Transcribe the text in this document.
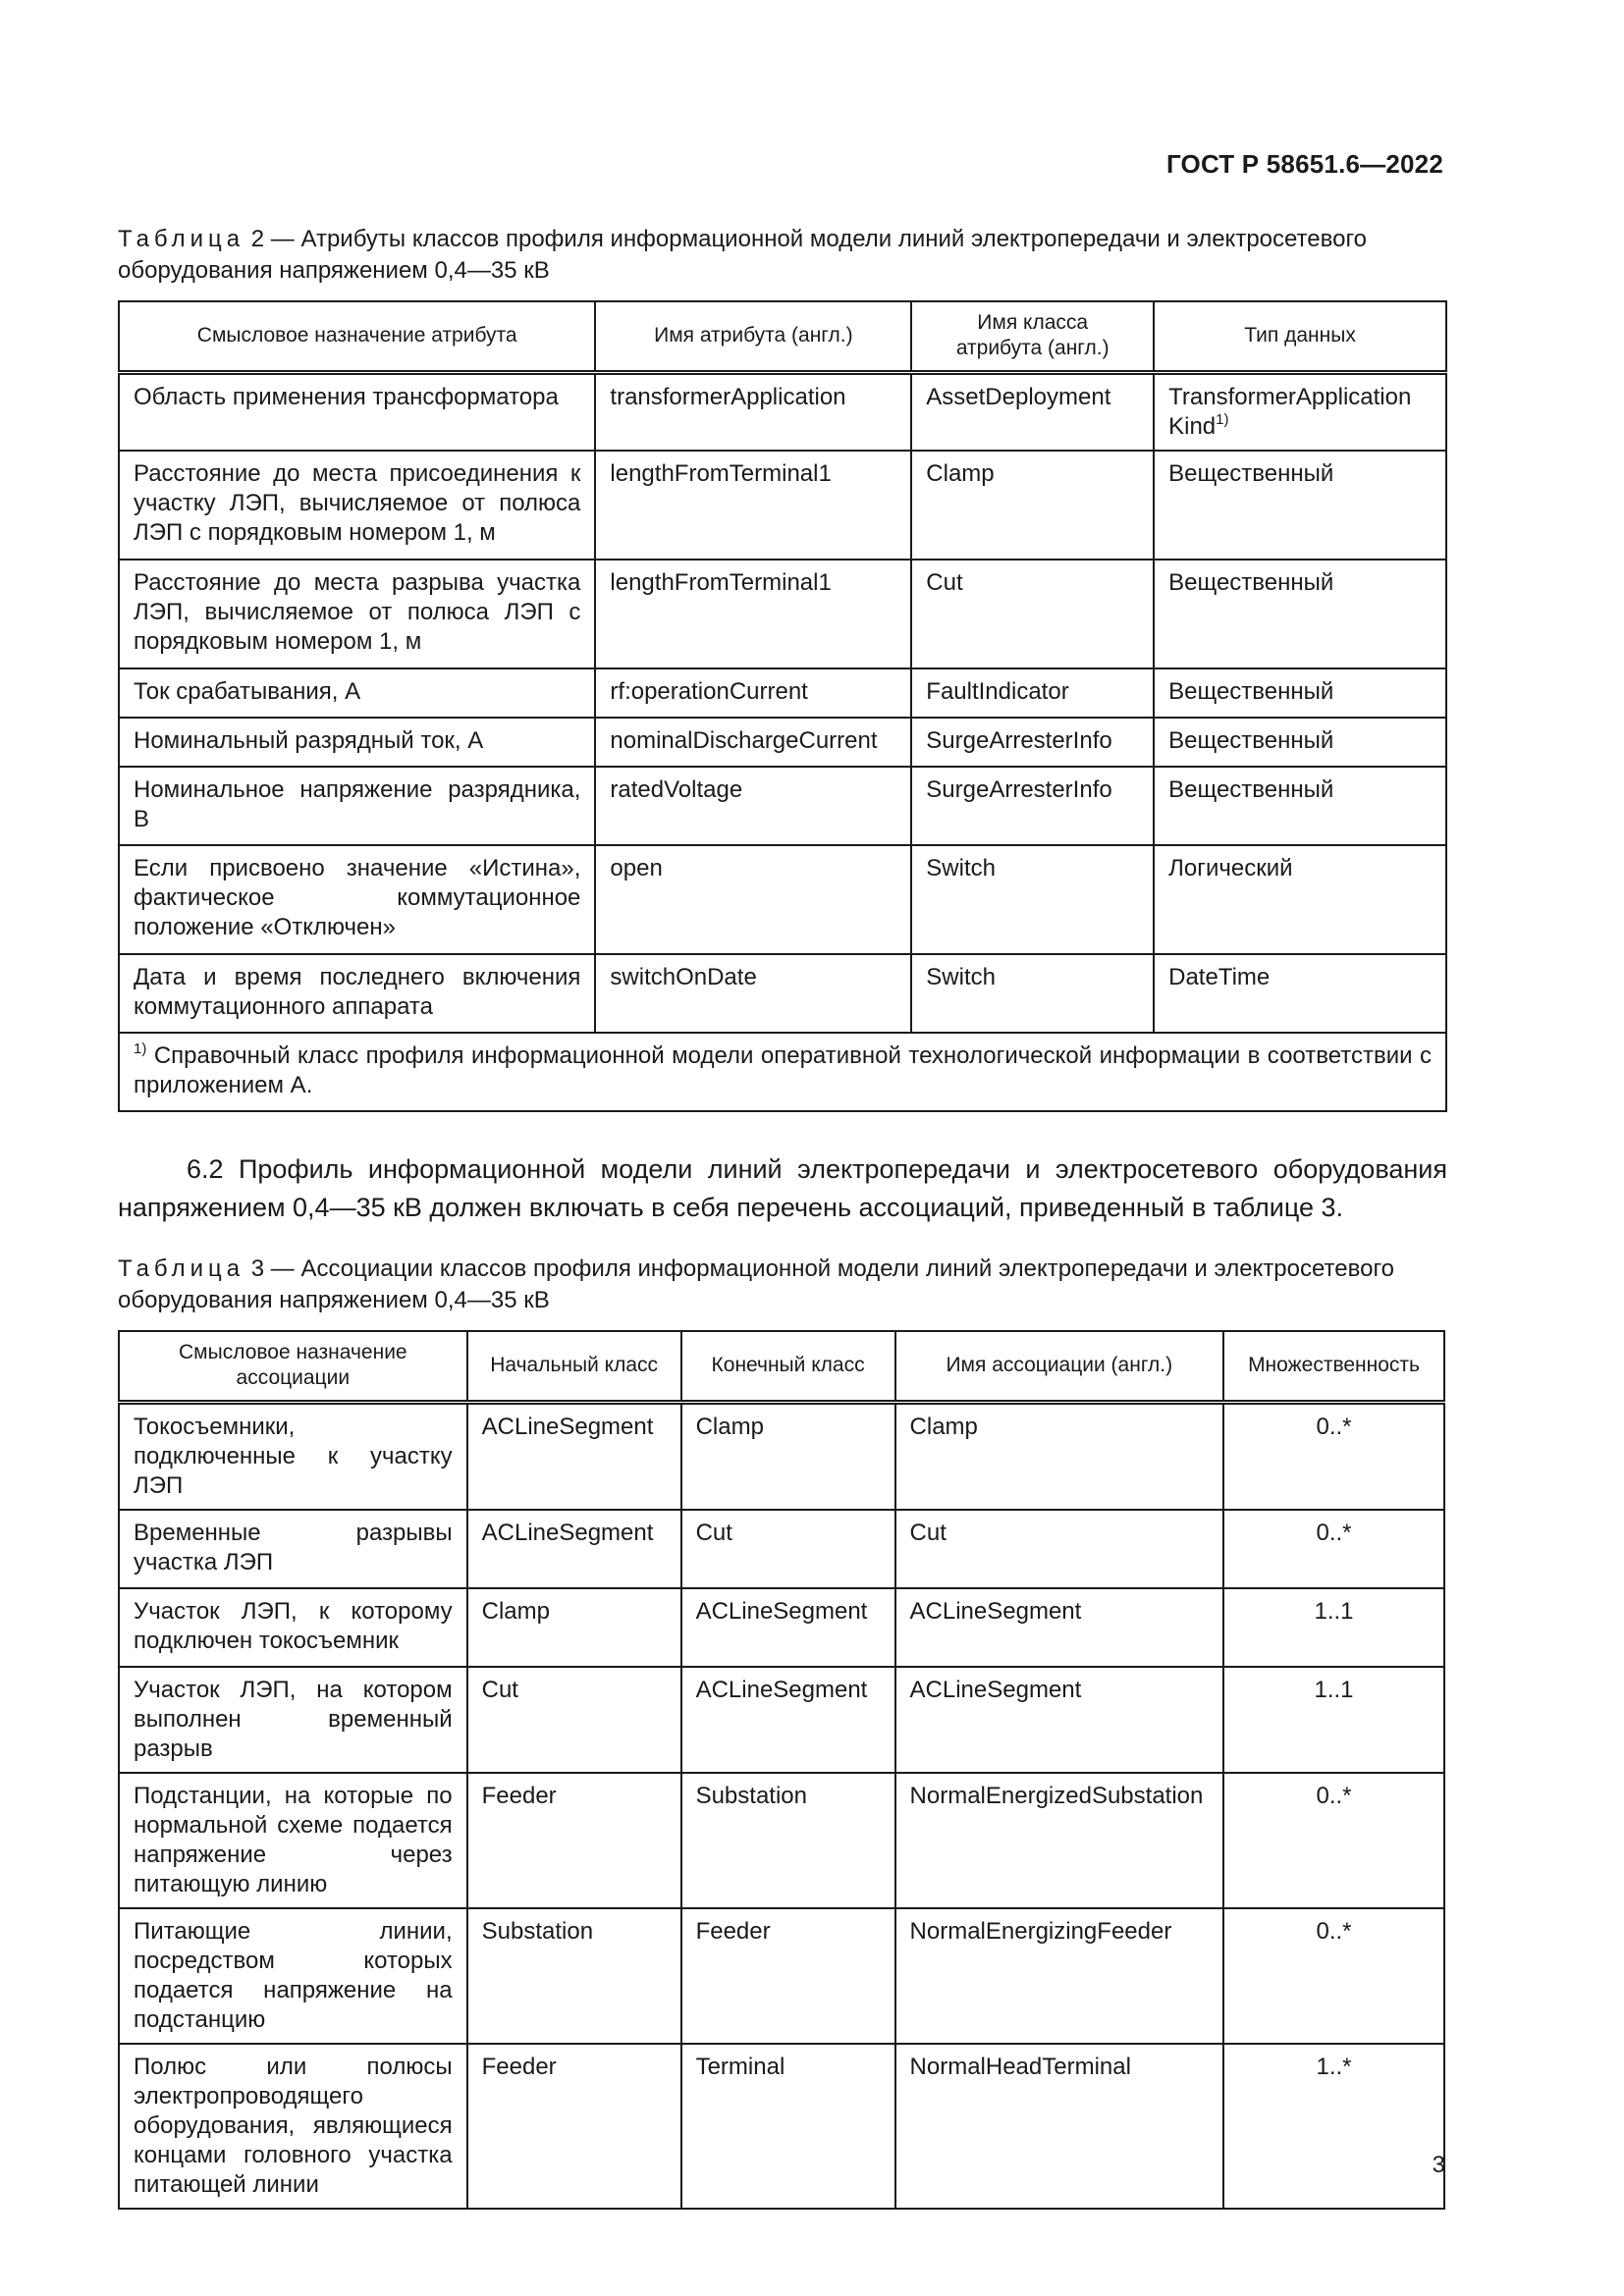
ГОСТ Р 58651.6—2022
Таблица 2 — Атрибуты классов профиля информационной модели линий электропередачи и электросетевого оборудования напряжением 0,4—35 кВ
Смысловое назначение атрибута	Имя атрибута (англ.)	Имя класса атрибута (англ.)	Тип данных
Область применения трансформатора	transformerApplication	AssetDeployment	TransformerApplication Kind$^{1)}$
Расстояние до места присоединения к участку ЛЭП, вычисляемое от полюса ЛЭП с порядковым номером 1, м	lengthFromTerminal1	Clamp	Вещественный
Расстояние до места разрыва участка ЛЭП, вычисляемое от полюса ЛЭП с порядковым номером 1, м	lengthFromTerminal1	Cut	Вещественный
Ток срабатывания, А	rf:operationCurrent	FaultIndicator	Вещественный
Номинальный разрядный ток, А	nominalDischargeCurrent	SurgeArresterInfo	Вещественный
Номинальное напряжение разрядника, В	ratedVoltage	SurgeArresterInfo	Вещественный
Если присвоено значение «Истина», фактическое коммутационное положение «Отключен»	open	Switch	Логический
Дата и время последнего включения коммутационного аппарата	switchOnDate	Switch	DateTime
$^{1)}$ Справочный класс профиля информационной модели оперативной технологической информации в соответствии с приложением А.			
6.2 Профиль информационной модели линий электропередачи и электросетевого оборудования напряжением 0,4—35 кВ должен включать в себя перечень ассоциаций, приведенный в таблице 3.
Таблица 3 — Ассоциации классов профиля информационной модели линий электропередачи и электросетевого оборудования напряжением 0,4—35 кВ
Смысловое назначение ассоциации	Начальный класс	Конечный класс	Имя ассоциации (англ.)	Множественность
Токосъемники, подключенные к участку ЛЭП	ACLineSegment	Clamp	Clamp	0..*
Временные разрывы участка ЛЭП	ACLineSegment	Cut	Cut	0..*
Участок ЛЭП, к которому подключен токосъемник	Clamp	ACLineSegment	ACLineSegment	1..1
Участок ЛЭП, на котором выполнен временный разрыв	Cut	ACLineSegment	ACLineSegment	1..1
Подстанции, на которые по нормальной схеме подается напряжение через питающую линию	Feeder	Substation	NormalEnergizedSubstation	0..*
Питающие линии, посредством которых подается напряжение на подстанцию	Substation	Feeder	NormalEnergizingFeeder	0..*
Полюс или полюсы электропроводящего оборудования, являющиеся концами головного участка питающей линии	Feeder	Terminal	NormalHeadTerminal	1..*
3
